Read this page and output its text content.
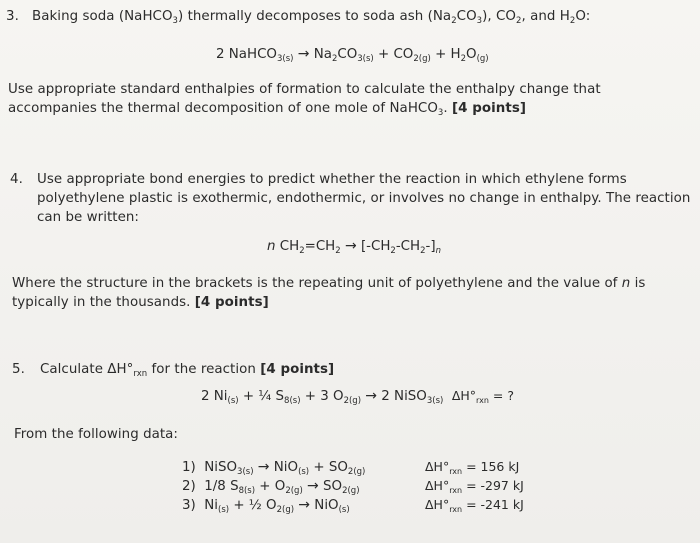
3. Baking soda (NaHCO$_3$) thermally decomposes to soda ash $(Na_2CO_3)$, $CO_2$, and $H_2O$:
2 NaHCO$_{3(s)}$ → $Na_2CO_{3(s)} + CO_{2(g)} + H_2O_{(g)}$
Use appropriate standard enthalpies of formation to calculate the enthalpy change that
accompanies the thermal decomposition of one mole of NaHCO$_3$. [4 points]
4. Use appropriate bond energies to predict whether the reaction in which ethylene forms
polyethylene plastic is exothermic, endothermic, or involves no change in enthalpy. The reaction
can be written:
n $CH_2=CH_2 \to [-CH_2-CH_2-]_n$
Where the structure in the brackets is the repeating unit of polyethylene and the value of n is
typically in the thousands. [4 points]
5. Calculate $\Delta H^\circ_{rxn}$ for the reaction [4 points]
2 $Ni_{(s)}$ + ¼ $S_{8(s)} + 3$ $O_{2(g)} \to 2$ NiSO$_{3(s)}$ $\Delta H^\circ_{rxn}$ = ?
From the following data:
1) NiSO$_{3(s)}$ → $NiO_{(s)} + SO_{2(g)}$	$\Delta H^\circ_{rxn} = 156$ kJ
2) 1/8 $S_{8(s)} + O_{2(g)} \to SO_{2(g)}$	$\Delta H^\circ_{rxn} = -297$ kJ
3) $Ni_{(s)}$ + ½ $O_{2(g)} \to NiO_{(s)}$	$\Delta H^\circ_{rxn} = -241$ kJ
